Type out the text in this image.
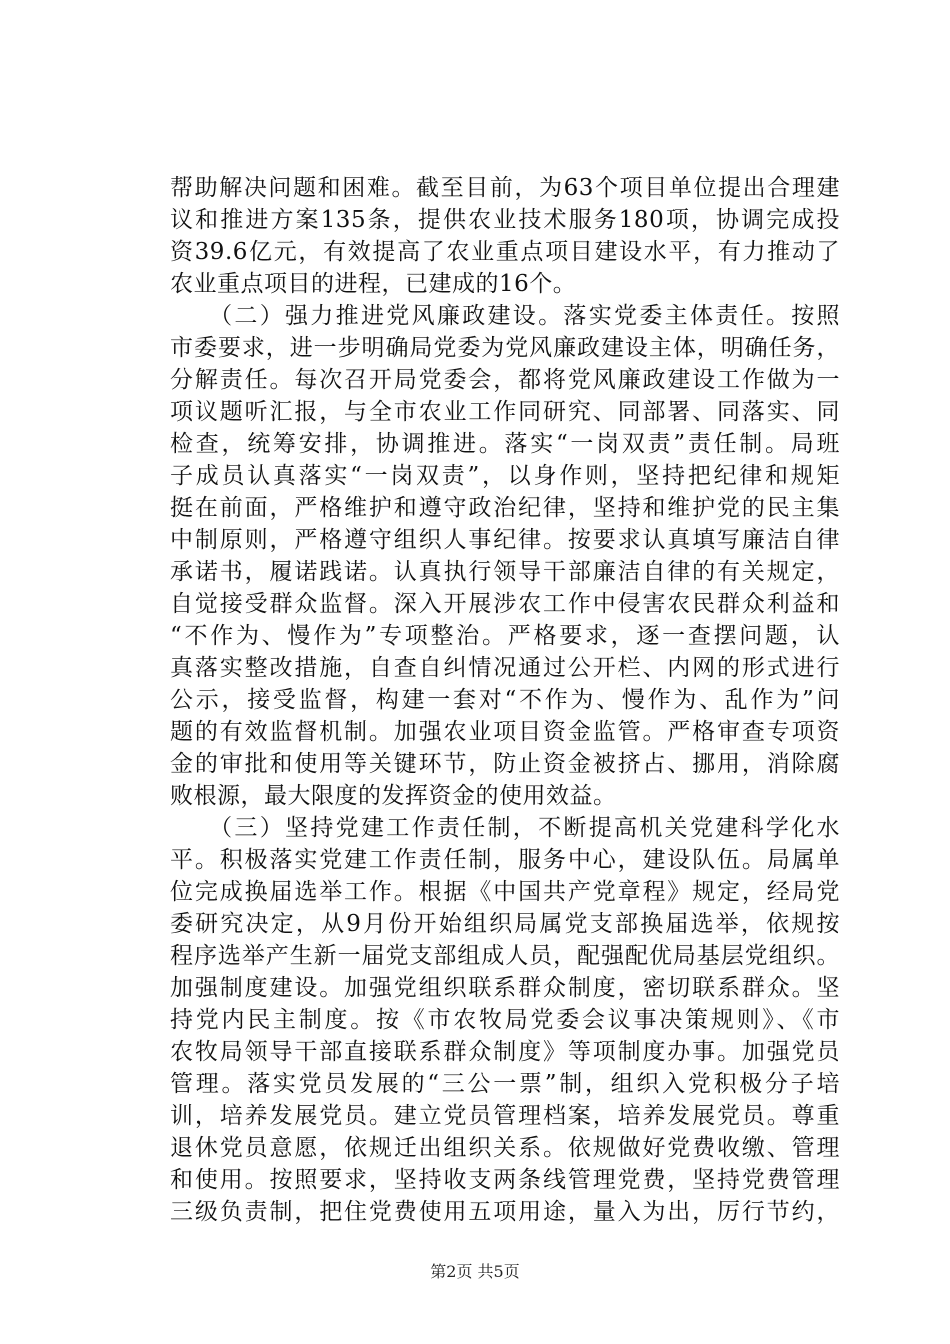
帮助解决问题和困难。截至目前，为63个项目单位提出合理建
议和推进方案135条，提供农业技术服务180项，协调完成投
资39.6亿元，有效提高了农业重点项目建设水平，有力推动了
农业重点项目的进程，已建成的16个。
　　（二）强力推进党风廉政建设。落实党委主体责任。按照
市委要求，进一步明确局党委为党风廉政建设主体，明确任务，
分解责任。每次召开局党委会，都将党风廉政建设工作做为一
项议题听汇报，与全市农业工作同研究、同部署、同落实、同
检查，统筹安排，协调推进。落实“一岗双责”责任制。局班
子成员认真落实“一岗双责”，以身作则，坚持把纪律和规矩
挺在前面，严格维护和遵守政治纪律，坚持和维护党的民主集
中制原则，严格遵守组织人事纪律。按要求认真填写廉洁自律
承诺书，履诺践诺。认真执行领导干部廉洁自律的有关规定，
自觉接受群众监督。深入开展涉农工作中侵害农民群众利益和
“不作为、慢作为”专项整治。严格要求，逐一查摆问题，认
真落实整改措施，自查自纠情况通过公开栏、内网的形式进行
公示，接受监督，构建一套对“不作为、慢作为、乱作为”问
题的有效监督机制。加强农业项目资金监管。严格审查专项资
金的审批和使用等关键环节，防止资金被挤占、挪用，消除腐
败根源，最大限度的发挥资金的使用效益。
　　（三）坚持党建工作责任制，不断提高机关党建科学化水
平。积极落实党建工作责任制，服务中心，建设队伍。局属单
位完成换届选举工作。根据《中国共产党章程》规定，经局党
委研究决定，从9月份开始组织局属党支部换届选举，依规按
程序选举产生新一届党支部组成人员，配强配优局基层党组织。
加强制度建设。加强党组织联系群众制度，密切联系群众。坚
持党内民主制度。按《市农牧局党委会议事决策规则》、《市
农牧局领导干部直接联系群众制度》等项制度办事。加强党员
管理。落实党员发展的“三公一票”制，组织入党积极分子培
训，培养发展党员。建立党员管理档案，培养发展党员。尊重
退休党员意愿，依规迁出组织关系。依规做好党费收缴、管理
和使用。按照要求，坚持收支两条线管理党费，坚持党费管理
三级负责制，把住党费使用五项用途，量入为出，厉行节约，
第2页 共5页
